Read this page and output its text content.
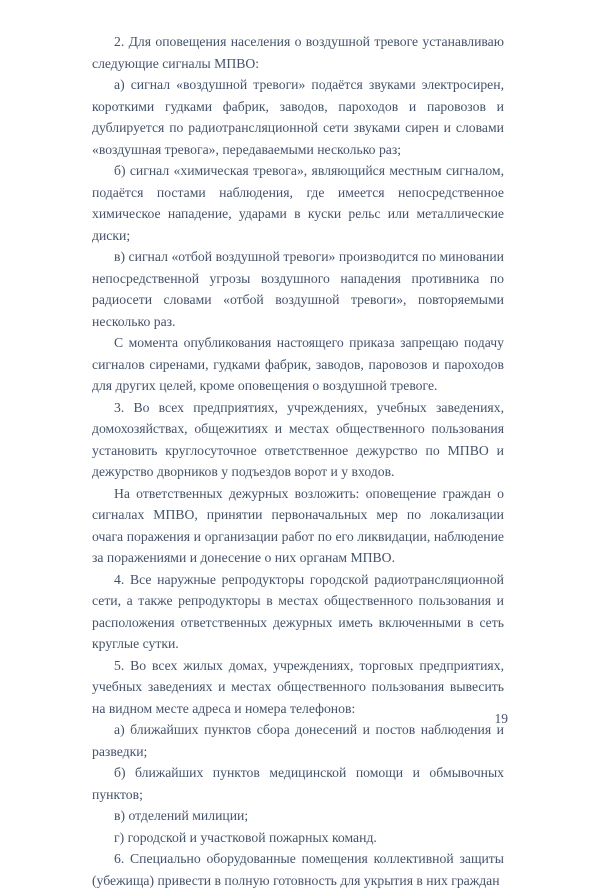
2. Для оповещения населения о воздушной тревоге устанавливаю следующие сигналы МПВО:

а) сигнал «воздушной тревоги» подаётся звуками электросирен, короткими гудками фабрик, заводов, пароходов и паровозов и дублируется по радиотрансляционной сети звуками сирен и словами «воздушная тревога», передаваемыми несколько раз;

б) сигнал «химическая тревога», являющийся местным сигналом, подаётся постами наблюдения, где имеется непосредственное химическое нападение, ударами в куски рельс или металлические диски;

в) сигнал «отбой воздушной тревоги» производится по миновании непосредственной угрозы воздушного нападения противника по радиосети словами «отбой воздушной тревоги», повторяемыми несколько раз.

С момента опубликования настоящего приказа запрещаю подачу сигналов сиренами, гудками фабрик, заводов, паровозов и пароходов для других целей, кроме оповещения о воздушной тревоге.

3. Во всех предприятиях, учреждениях, учебных заведениях, домохозяйствах, общежитиях и местах общественного пользования установить круглосуточное ответственное дежурство по МПВО и дежурство дворников у подъездов ворот и у входов.

На ответственных дежурных возложить: оповещение граждан о сигналах МПВО, принятии первоначальных мер по локализации очага поражения и организации работ по его ликвидации, наблюдение за поражениями и донесение о них органам МПВО.

4. Все наружные репродукторы городской радиотрансляционной сети, а также репродукторы в местах общественного пользования и расположения ответственных дежурных иметь включенными в сеть круглые сутки.

5. Во всех жилых домах, учреждениях, торговых предприятиях, учебных заведениях и местах общественного пользования вывесить на видном месте адреса и номера телефонов:

а) ближайших пунктов сбора донесений и постов наблюдения и разведки;

б) ближайших пунктов медицинской помощи и обмывочных пунктов;

в) отделений милиции;

г) городской и участковой пожарных команд.

6. Специально оборудованные помещения коллективной защиты (убежища) привести в полную готовность для укрытия в них граждан

19
